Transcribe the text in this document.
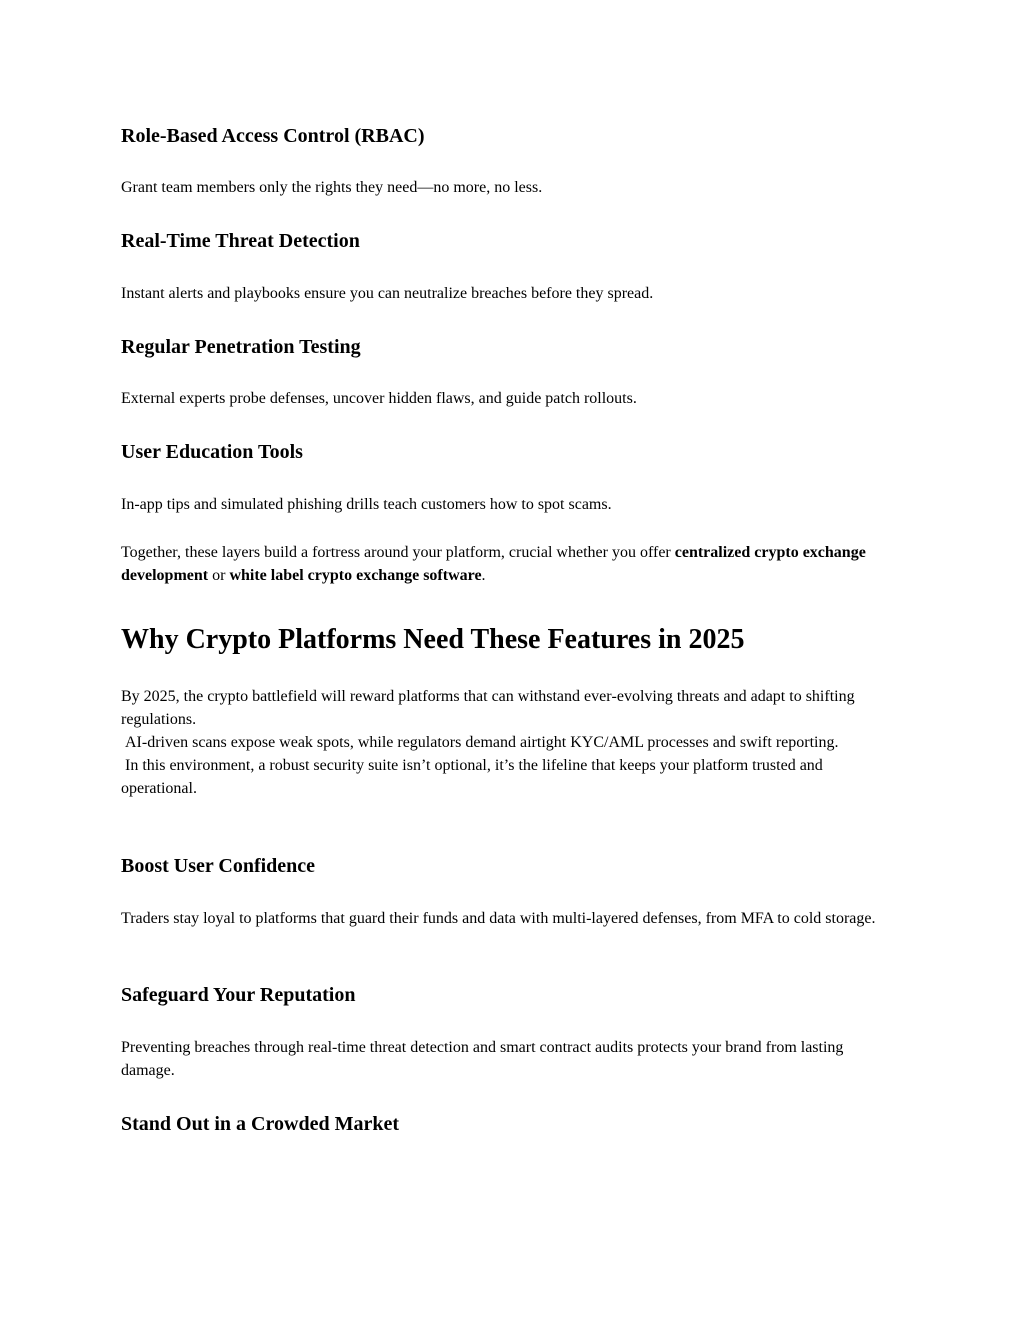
Role‑Based Access Control (RBAC)

Grant team members only the rights they need—no more, no less.

Real‑Time Threat Detection

Instant alerts and playbooks ensure you can neutralize breaches before they spread.

Regular Penetration Testing

External experts probe defenses, uncover hidden flaws, and guide patch rollouts.

User Education Tools

In‑app tips and simulated phishing drills teach customers how to spot scams.

Together, these layers build a fortress around your platform, crucial whether you offer centralized crypto exchange development or white label crypto exchange software.

Why Crypto Platforms Need These Features in 2025

By 2025, the crypto battlefield will reward platforms that can withstand ever‑evolving threats and adapt to shifting regulations.
AI‑driven scans expose weak spots, while regulators demand airtight KYC/AML processes and swift reporting.
In this environment, a robust security suite isn’t optional, it’s the lifeline that keeps your platform trusted and operational.

Boost User Confidence

Traders stay loyal to platforms that guard their funds and data with multi‑layered defenses, from MFA to cold storage.

Safeguard Your Reputation

Preventing breaches through real‑time threat detection and smart contract audits protects your brand from lasting damage.

Stand Out in a Crowded Market
